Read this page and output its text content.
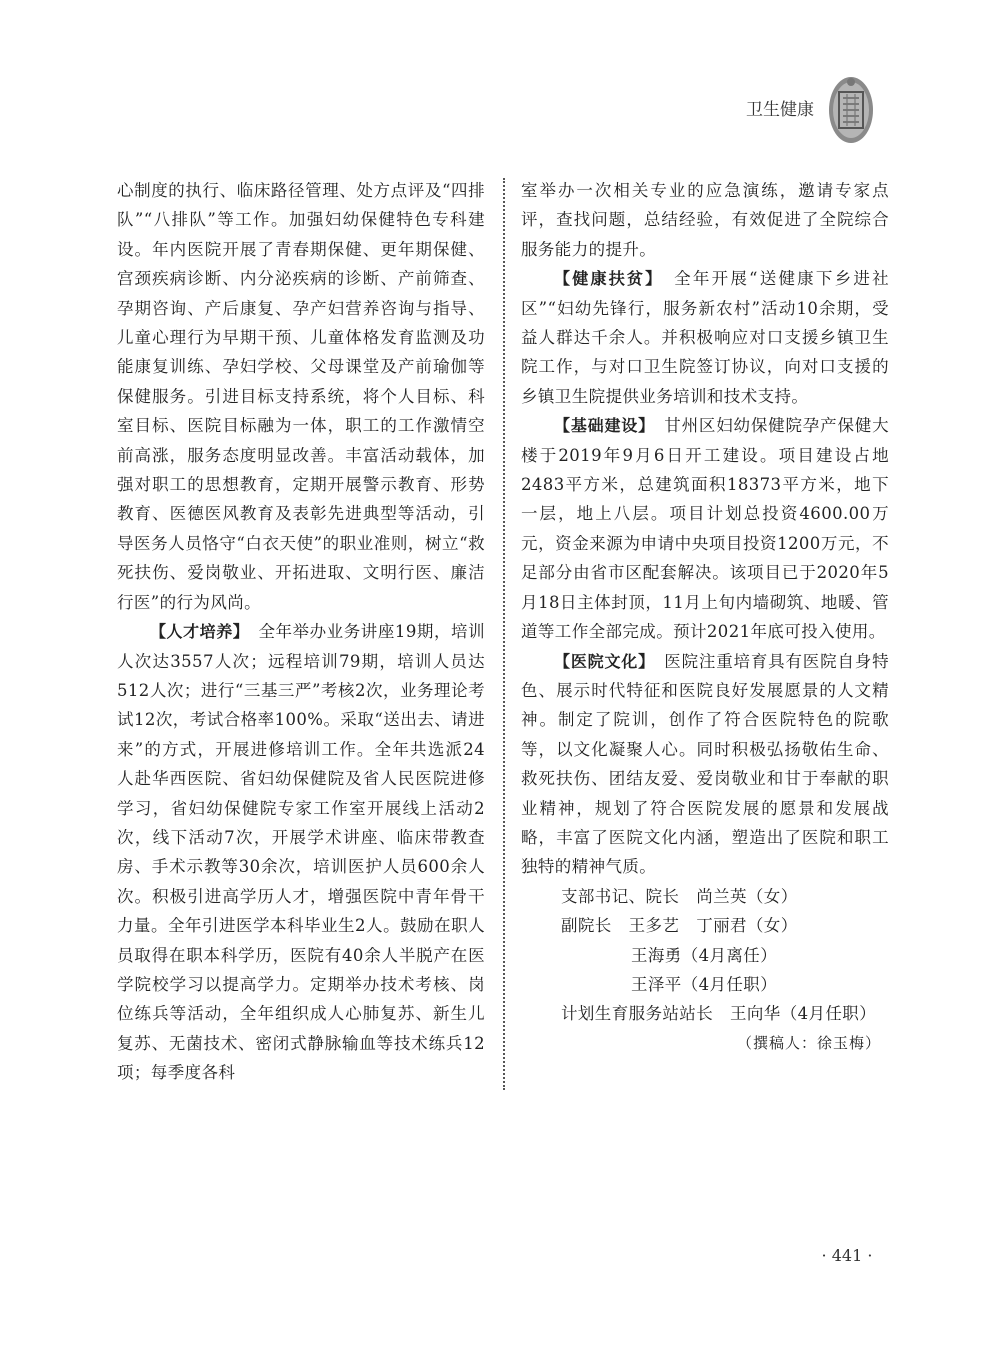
卫生健康

心制度的执行、临床路径管理、处方点评及“四排队”“八排队”等工作。加强妇幼保健特色专科建设。年内医院开展了青春期保健、更年期保健、宫颈疾病诊断、内分泌疾病的诊断、产前筛查、孕期咨询、产后康复、孕产妇营养咨询与指导、儿童心理行为早期干预、儿童体格发育监测及功能康复训练、孕妇学校、父母课堂及产前瑜伽等保健服务。引进目标支持系统，将个人目标、科室目标、医院目标融为一体，职工的工作激情空前高涨，服务态度明显改善。丰富活动载体，加强对职工的思想教育，定期开展警示教育、形势教育、医德医风教育及表彰先进典型等活动，引导医务人员恪守“白衣天使”的职业准则，树立“救死扶伤、爱岗敬业、开拓进取、文明行医、廉洁行医”的行为风尚。

【人才培养】　 全年举办业务讲座19期，培训人次达3557人次；远程培训79期，培训人员达512人次；进行“三基三严”考核2次，业务理论考试12次，考试合格率100%。采取“送出去、请进来”的方式，开展进修培训工作。全年共选派24人赴华西医院、省妇幼保健院及省人民医院进修学习，省妇幼保健院专家工作室开展线上活动2次，线下活动7次，开展学术讲座、临床带教查房、手术示教等30余次，培训医护人员600余人次。积极引进高学历人才，增强医院中青年骨干力量。全年引进医学本科毕业生2人。鼓励在职人员取得在职本科学历，医院有40余人半脱产在医学院校学习以提高学力。定期举办技术考核、岗位练兵等活动，全年组织成人心肺复苏、新生儿复苏、无菌技术、密闭式静脉输血等技术练兵12项；每季度各科

室举办一次相关专业的应急演练，邀请专家点评，查找问题，总结经验，有效促进了全院综合服务能力的提升。

【健康扶贫】　 全年开展“送健康下乡进社区”“妇幼先锋行，服务新农村”活动10余期，受益人群达千余人。并积极响应对口支援乡镇卫生院工作，与对口卫生院签订协议，向对口支援的乡镇卫生院提供业务培训和技术支持。

【基础建设】　 甘州区妇幼保健院孕产保健大楼于2019年9月6日开工建设。项目建设占地2483平方米，总建筑面积18373平方米，地下一层，地上八层。项目计划总投资4600.00万元，资金来源为申请中央项目投资1200万元，不足部分由省市区配套解决。该项目已于2020年5月18日主体封顶，11月上旬内墙砌筑、地暖、管道等工作全部完成。预计2021年底可投入使用。

【医院文化】　 医院注重培育具有医院自身特色、展示时代特征和医院良好发展愿景的人文精神。制定了院训，创作了符合医院特色的院歌等，以文化凝聚人心。同时积极弘扬敬佑生命、救死扶伤、团结友爱、爱岗敬业和甘于奉献的职业精神，规划了符合医院发展的愿景和发展战略，丰富了医院文化内涵，塑造出了医院和职工独特的精神气质。

支部书记、院长　尚兰英（女）
副院长　王多艺　丁丽君（女）
王海勇（4月离任）
王泽平（4月任职）
计划生育服务站站长　王向华（4月任职）
（撰稿人：徐玉梅）
· 441 ·
